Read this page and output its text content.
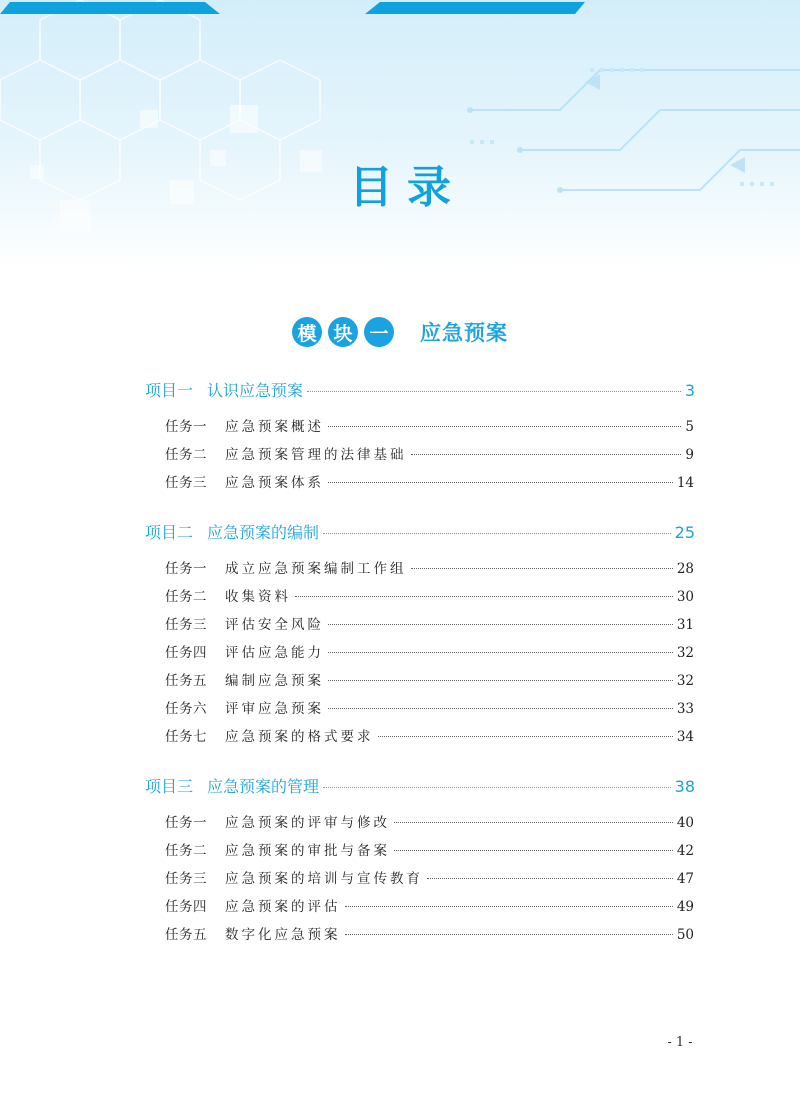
目录
模 块 一 应急预案
项目一 认识应急预案	3
任务一	应急预案概述	5
任务二	应急预案管理的法律基础	9
任务三	应急预案体系	14
项目二 应急预案的编制	25
任务一	成立应急预案编制工作组	28
任务二	收集资料	30
任务三	评估安全风险	31
任务四	评估应急能力	32
任务五	编制应急预案	32
任务六	评审应急预案	33
任务七	应急预案的格式要求	34
项目三 应急预案的管理	38
任务一	应急预案的评审与修改	40
任务二	应急预案的审批与备案	42
任务三	应急预案的培训与宣传教育	47
任务四	应急预案的评估	49
任务五	数字化应急预案	50
- 1 -
